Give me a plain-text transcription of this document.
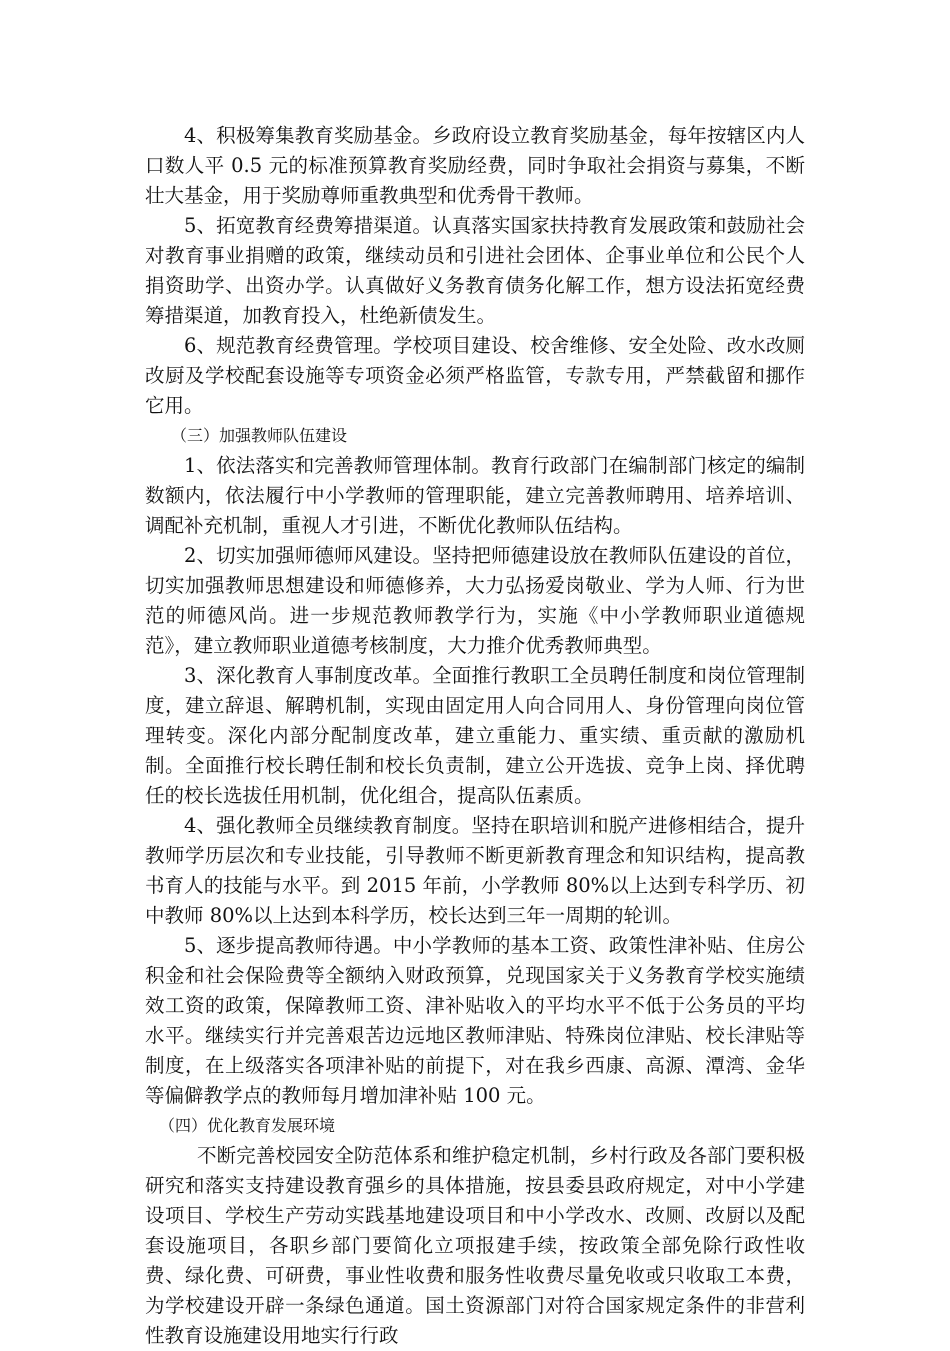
4、积极筹集教育奖励基金。乡政府设立教育奖励基金，每年按辖区内人口数人平 0.5 元的标准预算教育奖励经费，同时争取社会捐资与募集，不断壮大基金，用于奖励尊师重教典型和优秀骨干教师。

5、拓宽教育经费筹措渠道。认真落实国家扶持教育发展政策和鼓励社会对教育事业捐赠的政策，继续动员和引进社会团体、企事业单位和公民个人捐资助学、出资办学。认真做好义务教育债务化解工作，想方设法拓宽经费筹措渠道，加教育投入，杜绝新债发生。

6、规范教育经费管理。学校项目建设、校舍维修、安全处险、改水改厕改厨及学校配套设施等专项资金必须严格监管，专款专用，严禁截留和挪作它用。

（三）加强教师队伍建设

1、依法落实和完善教师管理体制。教育行政部门在编制部门核定的编制数额内，依法履行中小学教师的管理职能，建立完善教师聘用、培养培训、调配补充机制，重视人才引进，不断优化教师队伍结构。

2、切实加强师德师风建设。坚持把师德建设放在教师队伍建设的首位，切实加强教师思想建设和师德修养，大力弘扬爱岗敬业、学为人师、行为世范的师德风尚。进一步规范教师教学行为，实施《中小学教师职业道德规范》，建立教师职业道德考核制度，大力推介优秀教师典型。

3、深化教育人事制度改革。全面推行教职工全员聘任制度和岗位管理制度，建立辞退、解聘机制，实现由固定用人向合同用人、身份管理向岗位管理转变。深化内部分配制度改革，建立重能力、重实绩、重贡献的激励机制。全面推行校长聘任制和校长负责制，建立公开选拔、竞争上岗、择优聘任的校长选拔任用机制，优化组合，提高队伍素质。

4、强化教师全员继续教育制度。坚持在职培训和脱产进修相结合，提升教师学历层次和专业技能，引导教师不断更新教育理念和知识结构，提高教书育人的技能与水平。到 2015 年前，小学教师 80%以上达到专科学历、初中教师 80%以上达到本科学历，校长达到三年一周期的轮训。

5、逐步提高教师待遇。中小学教师的基本工资、政策性津补贴、住房公积金和社会保险费等全额纳入财政预算，兑现国家关于义务教育学校实施绩效工资的政策，保障教师工资、津补贴收入的平均水平不低于公务员的平均水平。继续实行并完善艰苦边远地区教师津贴、特殊岗位津贴、校长津贴等制度，在上级落实各项津补贴的前提下，对在我乡西康、高源、潭湾、金华等偏僻教学点的教师每月增加津补贴 100 元。

（四）优化教育发展环境

不断完善校园安全防范体系和维护稳定机制，乡村行政及各部门要积极研究和落实支持建设教育强乡的具体措施，按县委县政府规定，对中小学建设项目、学校生产劳动实践基地建设项目和中小学改水、改厕、改厨以及配套设施项目，各职乡部门要简化立项报建手续，按政策全部免除行政性收费、绿化费、可研费，事业性收费和服务性收费尽量免收或只收取工本费，为学校建设开辟一条绿色通道。国土资源部门对符合国家规定条件的非营利性教育设施建设用地实行行政
